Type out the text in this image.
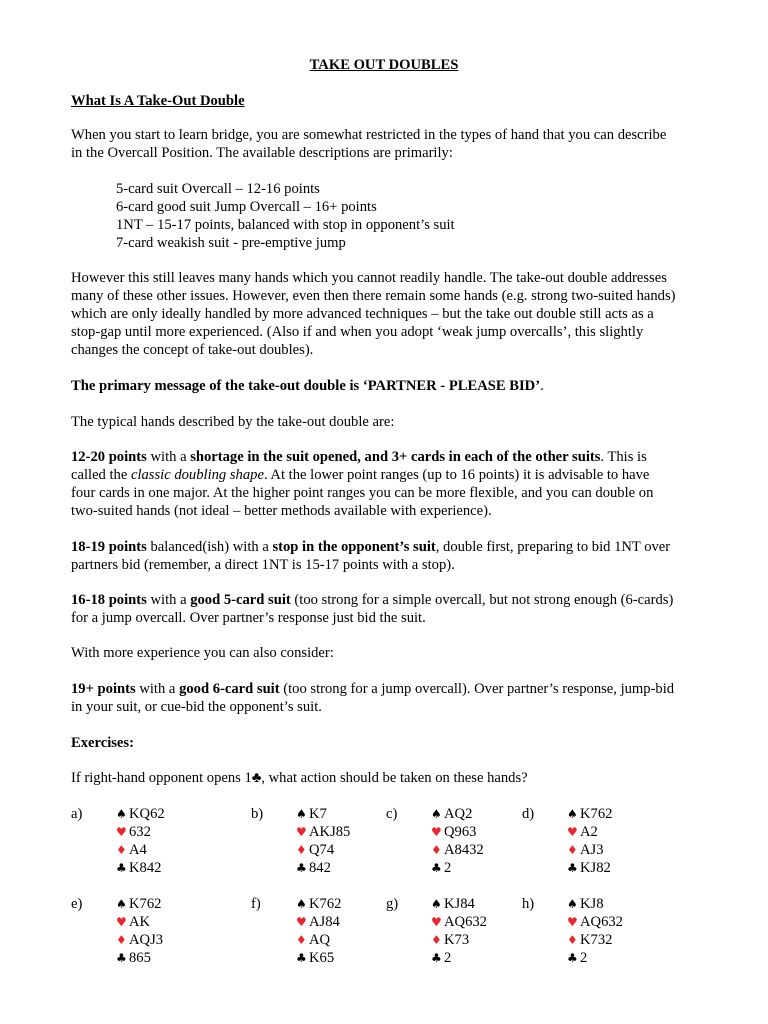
TAKE OUT DOUBLES
What Is A Take-Out Double
When you start to learn bridge, you are somewhat restricted in the types of hand that you can describe
in the Overcall Position. The available descriptions are primarily:
5-card suit Overcall – 12-16 points
6-card good suit Jump Overcall – 16+ points
1NT – 15-17 points, balanced with stop in opponent’s suit
7-card weakish suit - pre-emptive jump
However this still leaves many hands which you cannot readily handle. The take-out double addresses
many of these other issues. However, even then there remain some hands (e.g. strong two-suited hands)
which are only ideally handled by more advanced techniques – but the take out double still acts as a
stop-gap until more experienced. (Also if and when you adopt ‘weak jump overcalls’, this slightly
changes the concept of take-out doubles).
The primary message of the take-out double is ‘PARTNER - PLEASE BID’.
The typical hands described by the take-out double are:
12-20 points with a shortage in the suit opened, and 3+ cards in each of the other suits. This is
called the classic doubling shape. At the lower point ranges (up to 16 points) it is advisable to have
four cards in one major. At the higher point ranges you can be more flexible, and you can double on
two-suited hands (not ideal – better methods available with experience).
18-19 points balanced(ish) with a stop in the opponent’s suit, double first, preparing to bid 1NT over
partners bid (remember, a direct 1NT is 15-17 points with a stop).
16-18 points with a good 5-card suit (too strong for a simple overcall, but not strong enough (6-cards)
for a jump overcall. Over partner’s response just bid the suit.
With more experience you can also consider:
19+ points with a good 6-card suit (too strong for a jump overcall). Over partner’s response, jump-bid
in your suit, or cue-bid the opponent’s suit.
Exercises:
If right-hand opponent opens 1♣, what action should be taken on these hands?
a)	♠ KQ62
♥ 632
♦ A4
♣ K842
b)	♠ K7
♥ AKJ85
♦ Q74
♣ 842
c)	♠ AQ2
♥ Q963
♦ A8432
♣ 2
d)	♠ K762
♥ A2
♦ AJ3
♣ KJ82
e)	♠ K762
♥ AK
♦ AQJ3
♣ 865
f)	♠ K762
♥ AJ84
♦ AQ
♣ K65
g)	♠ KJ84
♥ AQ632
♦ K73
♣ 2
h)	♠ KJ8
♥ AQ632
♦ K732
♣ 2
